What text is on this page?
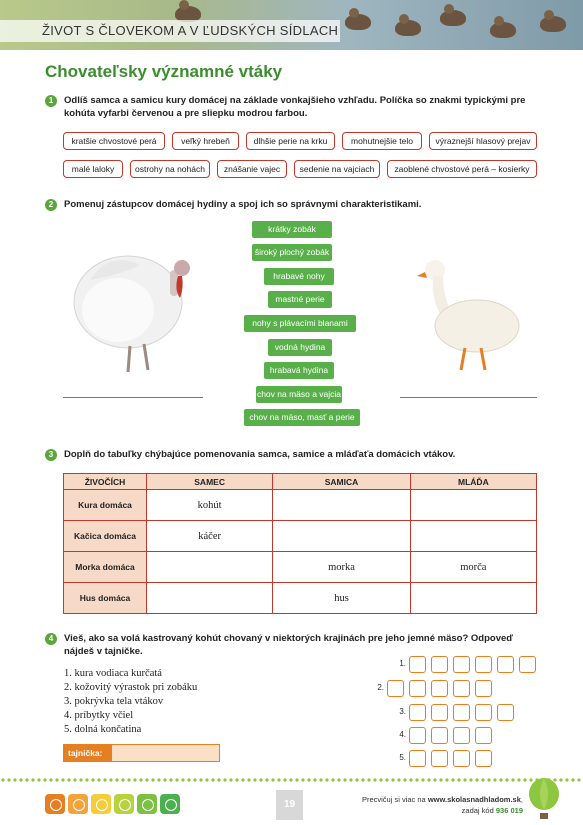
ŽIVOT S ČLOVEKOM A V ĽUDSKÝCH SÍDLACH
Chovateľsky významné vtáky
1	Odlíš samca a samicu kury domácej na základe vonkajšieho vzhľadu. Políčka so znakmi typickými pre kohúta vyfarbi červenou a pre sliepku modrou farbou.
kratšie chvostové perá	veľký hrebeň	dlhšie perie na krku	mohutnejšie telo	výraznejší hlasový prejav
malé laloky	ostrohy na nohách	znášanie vajec	sedenie na vajciach	zaoblené chvostové perá – kosierky
2	Pomenuj zástupcov domácej hydiny a spoj ich so správnymi charakteristikami.
krátky zobák
široký plochý zobák
hrabavé nohy
mastné perie
nohy s plávacími blanami
vodná hydina
hrabavá hydina
chov na mäso a vajcia
chov na mäso, masť a perie
3	Doplň do tabuľky chýbajúce pomenovania samca, samice a mláďaťa domácich vtákov.
ŽIVOČÍCH	SAMEC	SAMICA	MLÁĎA
Kura domáca	kohút		
Kačica domáca	káčer		
Morka domáca		morka	morča
Hus domáca		hus	
4	Vieš, ako sa volá kastrovaný kohút chovaný v niektorých krajinách pre jeho jemné mäso? Odpoveď nájdeš v tajničke.
1. kura vodiaca kurčatá
2. kožovitý výrastok pri zobáku
3. pokrývka tela vtákov
4. príbytky včiel
5. dolná končatina
1.
2.
3.
4.
5.
tajnička:
19	Precvičuj si viac na www.skolasnadhladom.sk,
zadaj kód 936 019
